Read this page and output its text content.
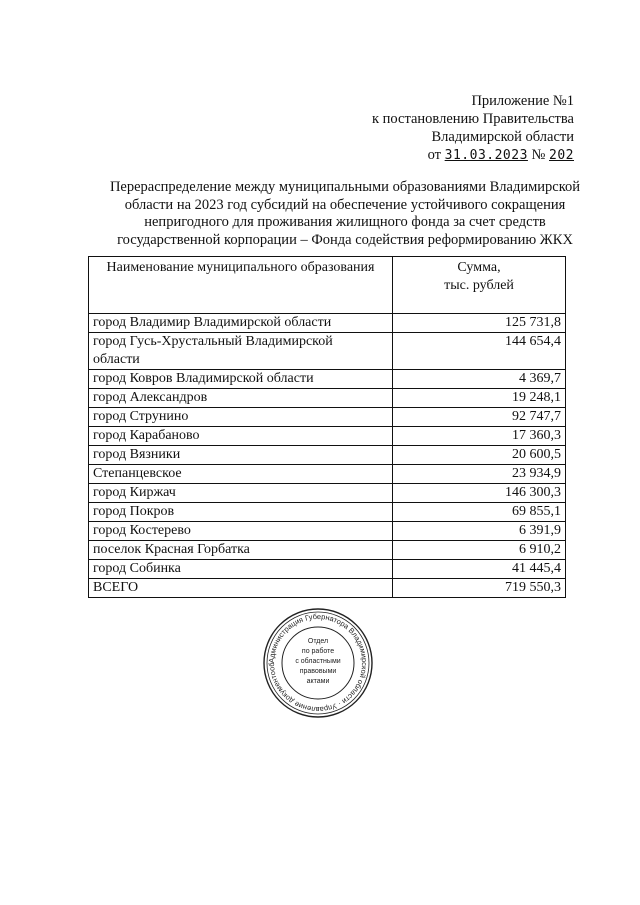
Приложение №1
к постановлению Правительства
Владимирской области
от 31.03.2023 № 202
Перераспределение между муниципальными образованиями Владимирской
области на 2023 год субсидий на обеспечение устойчивого сокращения
непригодного для проживания жилищного фонда за счет средств
государственной корпорации – Фонда содействия реформированию ЖКХ
Наименование муниципального образования	Сумма,
тыс. рублей

город Владимир Владимирской области	125 731,8

город Гусь-Хрустальный Владимирской
области	144 654,4
город Ковров Владимирской области	4 369,7
город Александров	19 248,1
город Струнино	92 747,7
город Карабаново	17 360,3
город Вязники	20 600,5
Степанцевское	23 934,9
город Киржач	146 300,3
город Покров	69 855,1
город Костерево	6 391,9
поселок Красная Горбатка	6 910,2
город Собинка	41 445,4
ВСЕГО	719 550,3
Администрация Губернатора Владимирской области · Управление документооб
Отдел
по работе
с областными
правовыми
актами
